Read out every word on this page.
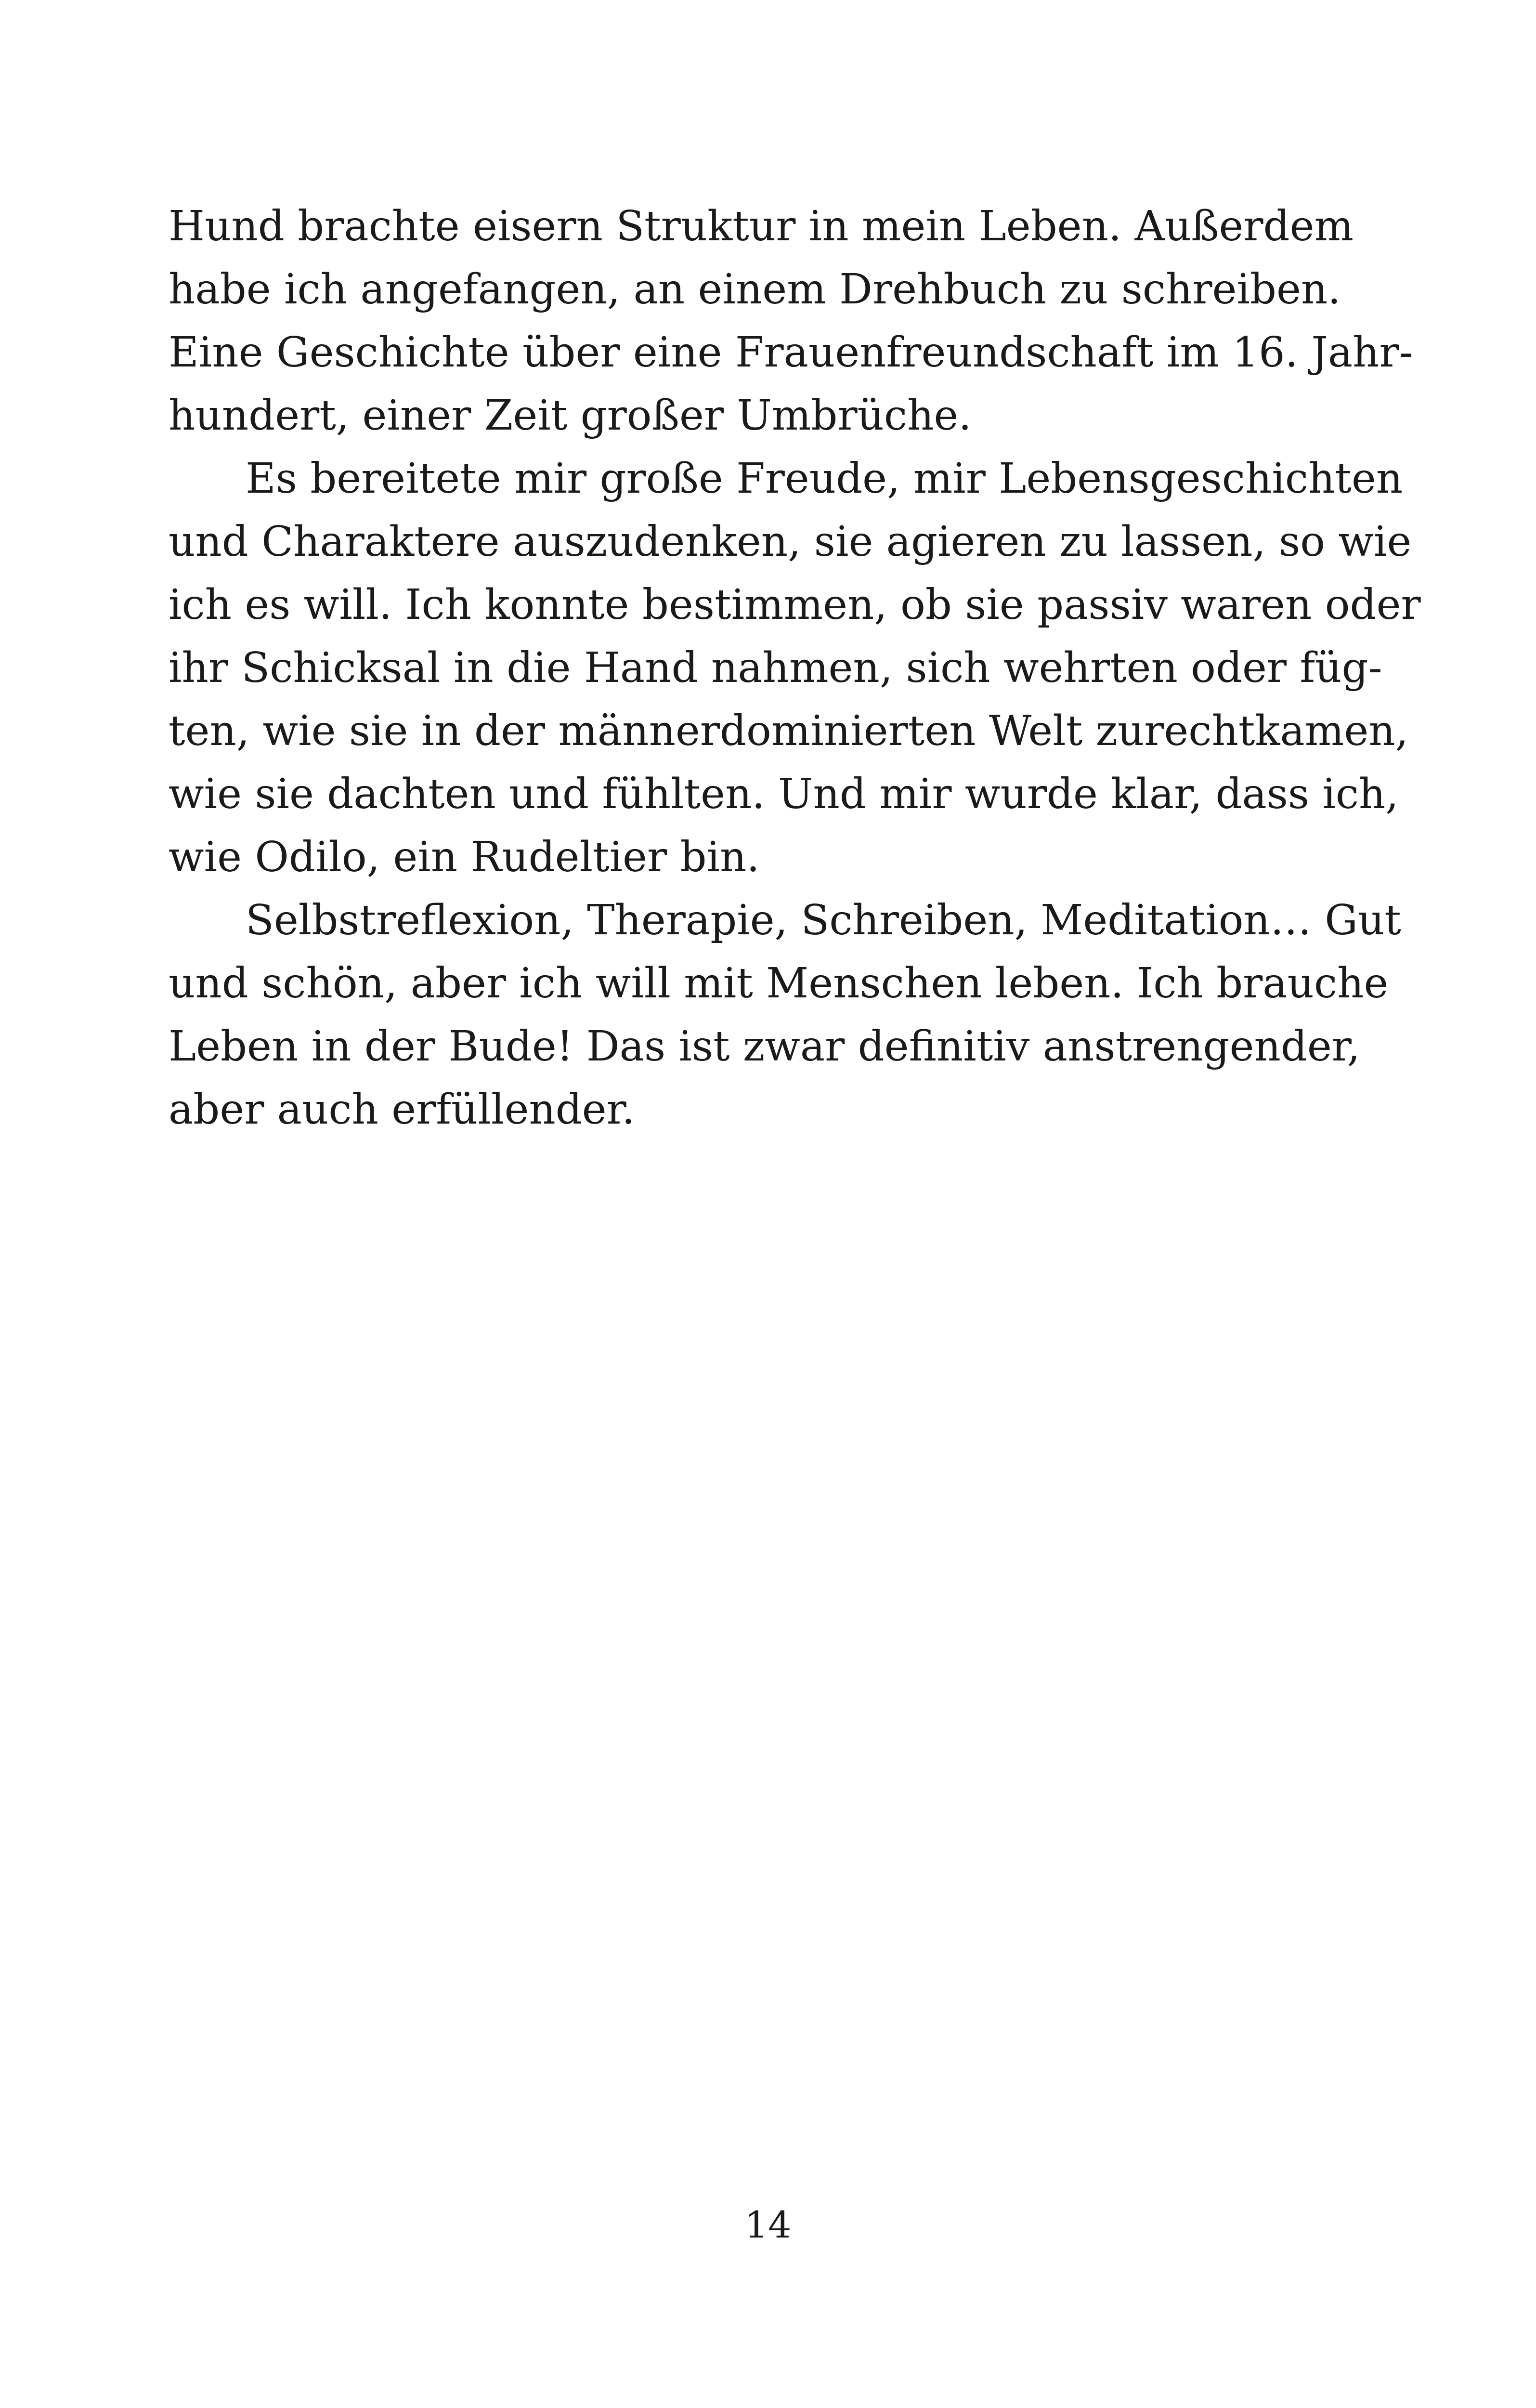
Hund brachte eisern Struktur in mein Leben. Außerdem
habe ich angefangen, an einem Drehbuch zu schreiben.
Eine Geschichte über eine Frauenfreundschaft im 16. Jahr-
hundert, einer Zeit großer Umbrüche.
Es bereitete mir große Freude, mir Lebensgeschichten
und Charaktere auszudenken, sie agieren zu lassen, so wie
ich es will. Ich konnte bestimmen, ob sie passiv waren oder
ihr Schicksal in die Hand nahmen, sich wehrten oder füg-
ten, wie sie in der männerdominierten Welt zurechtkamen,
wie sie dachten und fühlten. Und mir wurde klar, dass ich,
wie Odilo, ein Rudeltier bin.
Selbstreflexion, Therapie, Schreiben, Meditation… Gut
und schön, aber ich will mit Menschen leben. Ich brauche
Leben in der Bude! Das ist zwar definitiv anstrengender,
aber auch erfüllender.
14
